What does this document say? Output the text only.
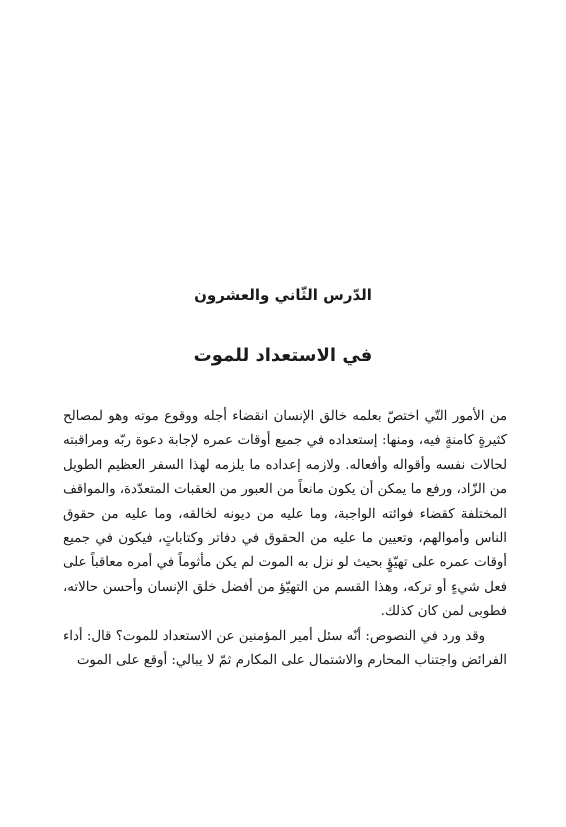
الدّرس الثّاني والعشرون
في الاستعداد للموت

من الأمور التّي اختصّ بعلمه خالق الإنسان انقضاء أجله ووقوع موته وهو لمصالح كثيرةٍ كامنةٍ فيه، ومنها: إستعداده في جميع أوقات عمره لإجابة دعوة ربّه ومراقبته لحالات نفسه وأقواله وأفعاله. ولازمه إعداده ما يلزمه لهذا السفر العظيم الطويل من الزّاد، ورفع ما يمكن أن يكون مانعاً من العبور من العقبات المتعدّدة، والمواقف المختلفة كقضاء فوائته الواجبة، وما عليه من ديونه لخالقه، وما عليه من حقوق الناس وأموالهم، وتعيين ما عليه من الحقوق في دفاتر وكتاباتٍ، فيكون في جميع أوقات عمره على تهيّؤٍ بحيث لو نزل به الموت لم يكن مأثوماً في أمره معاقباً على فعل شيءٍ أو تركه، وهذا القسم من التهيّؤ من أفضل خلق الإنسان وأحسن حالاته، فطوبى لمن كان كذلك.

وقد ورد في النصوص: أنّه سئل أمير المؤمنين عن الاستعداد للموت؟ قال: أداء الفرائض واجتناب المحارم والاشتمال على المكارم ثمّ لا يبالي: أوقع على الموت
